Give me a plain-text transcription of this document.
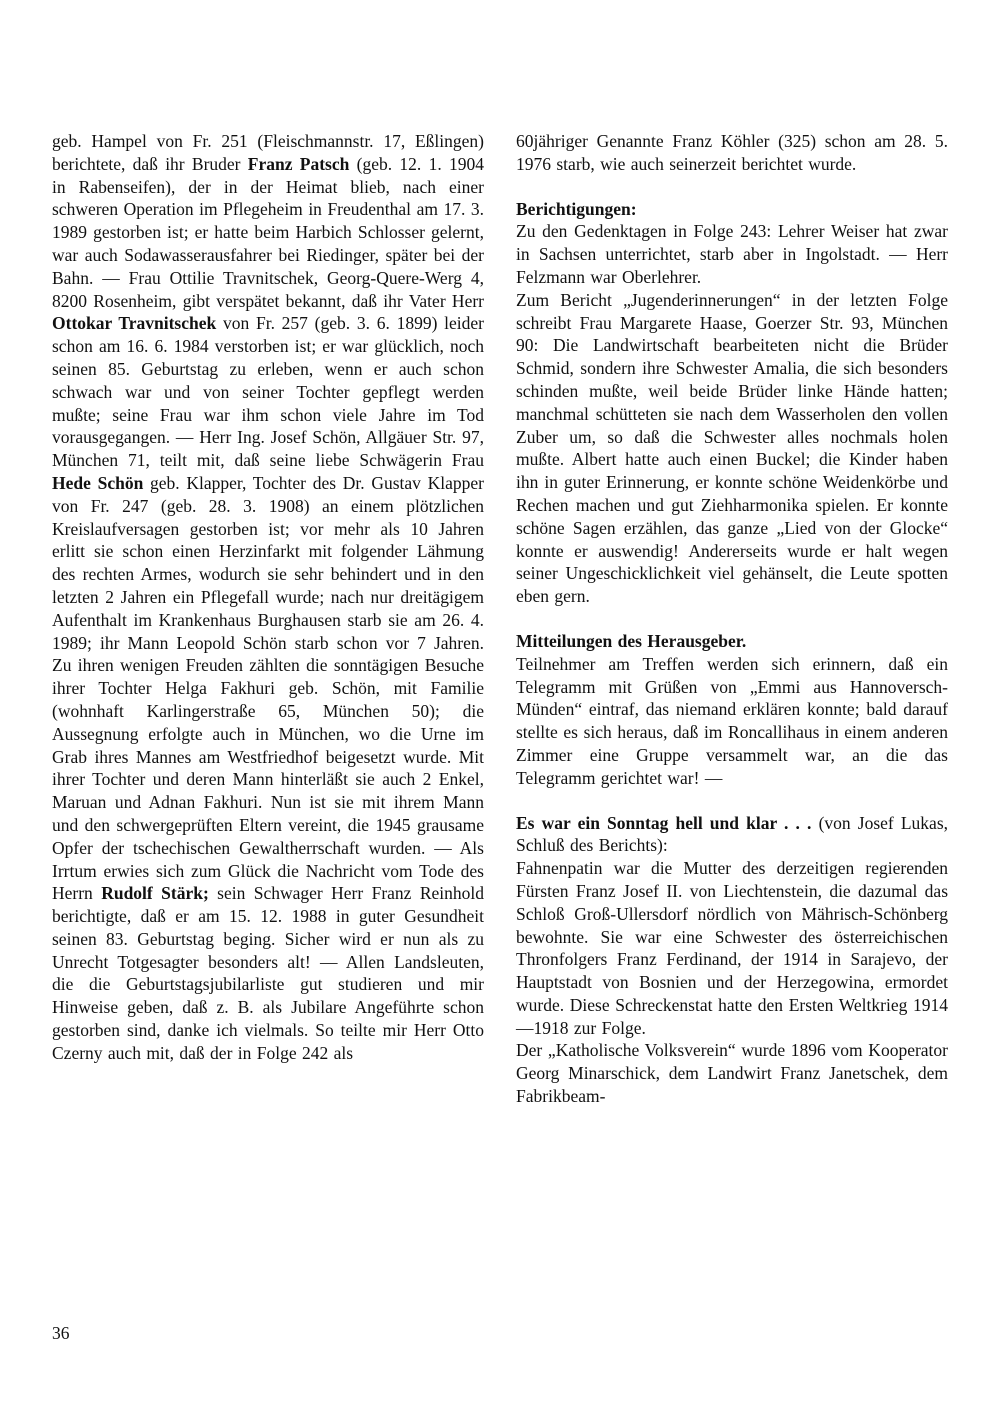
geb. Hampel von Fr. 251 (Fleischmannstr. 17, Eßlingen) berichtete, daß ihr Bruder Franz Patsch (geb. 12. 1. 1904 in Rabenseifen), der in der Heimat blieb, nach einer schweren Operation im Pflegeheim in Freudenthal am 17. 3. 1989 gestorben ist; er hatte beim Harbich Schlosser gelernt, war auch Sodawasserausfahrer bei Riedinger, später bei der Bahn. — Frau Ottilie Travnitschek, Georg-Quere-Werg 4, 8200 Rosenheim, gibt verspätet bekannt, daß ihr Vater Herr Ottokar Travnitschek von Fr. 257 (geb. 3. 6. 1899) leider schon am 16. 6. 1984 verstorben ist; er war glücklich, noch seinen 85. Geburtstag zu erleben, wenn er auch schon schwach war und von seiner Tochter gepflegt werden mußte; seine Frau war ihm schon viele Jahre im Tod vorausgegangen. — Herr Ing. Josef Schön, Allgäuer Str. 97, München 71, teilt mit, daß seine liebe Schwägerin Frau Hede Schön geb. Klapper, Tochter des Dr. Gustav Klapper von Fr. 247 (geb. 28. 3. 1908) an einem plötzlichen Kreislaufversagen gestorben ist; vor mehr als 10 Jahren erlitt sie schon einen Herzinfarkt mit folgender Lähmung des rechten Armes, wodurch sie sehr behindert und in den letzten 2 Jahren ein Pflegefall wurde; nach nur dreitägigem Aufenthalt im Krankenhaus Burghausen starb sie am 26. 4. 1989; ihr Mann Leopold Schön starb schon vor 7 Jahren. Zu ihren wenigen Freuden zählten die sonntägigen Besuche ihrer Tochter Helga Fakhuri geb. Schön, mit Familie (wohnhaft Karlingerstraße 65, München 50); die Aussegnung erfolgte auch in München, wo die Urne im Grab ihres Mannes am Westfriedhof beigesetzt wurde. Mit ihrer Tochter und deren Mann hinterläßt sie auch 2 Enkel, Maruan und Adnan Fakhuri. Nun ist sie mit ihrem Mann und den schwergeprüften Eltern vereint, die 1945 grausame Opfer der tschechischen Gewaltherrschaft wurden. — Als Irrtum erwies sich zum Glück die Nachricht vom Tode des Herrn Rudolf Stärk; sein Schwager Herr Franz Reinhold berichtigte, daß er am 15. 12. 1988 in guter Gesundheit seinen 83. Geburtstag beging. Sicher wird er nun als zu Unrecht Totgesagter besonders alt! — Allen Landsleuten, die die Geburtstagsjubilarliste gut studieren und mir Hinweise geben, daß z. B. als Jubilare Angeführte schon gestorben sind, danke ich vielmals. So teilte mir Herr Otto Czerny auch mit, daß der in Folge 242 als

60jähriger Genannte Franz Köhler (325) schon am 28. 5. 1976 starb, wie auch seinerzeit berichtet wurde.

Berichtigungen:

Zu den Gedenktagen in Folge 243: Lehrer Weiser hat zwar in Sachsen unterrichtet, starb aber in Ingolstadt. — Herr Felzmann war Oberlehrer.

Zum Bericht „Jugenderinnerungen“ in der letzten Folge schreibt Frau Margarete Haase, Goerzer Str. 93, München 90: Die Landwirtschaft bearbeiteten nicht die Brüder Schmid, sondern ihre Schwester Amalia, die sich besonders schinden mußte, weil beide Brüder linke Hände hatten; manchmal schütteten sie nach dem Wasserholen den vollen Zuber um, so daß die Schwester alles nochmals holen mußte. Albert hatte auch einen Buckel; die Kinder haben ihn in guter Erinnerung, er konnte schöne Weidenkörbe und Rechen machen und gut Ziehharmonika spielen. Er konnte schöne Sagen erzählen, das ganze „Lied von der Glocke“ konnte er auswendig! Andererseits wurde er halt wegen seiner Ungeschicklichkeit viel gehänselt, die Leute spotten eben gern.

Mitteilungen des Herausgeber.

Teilnehmer am Treffen werden sich erinnern, daß ein Telegramm mit Grüßen von „Emmi aus Hannoversch-Münden“ eintraf, das niemand erklären konnte; bald darauf stellte es sich heraus, daß im Roncallihaus in einem anderen Zimmer eine Gruppe versammelt war, an die das Telegramm gerichtet war! —

Es war ein Sonntag hell und klar . . . (von Josef Lukas, Schluß des Berichts):

Fahnenpatin war die Mutter des derzeitigen regierenden Fürsten Franz Josef II. von Liechtenstein, die dazumal das Schloß Groß-Ullersdorf nördlich von Mährisch-Schönberg bewohnte. Sie war eine Schwester des österreichischen Thronfolgers Franz Ferdinand, der 1914 in Sarajevo, der Hauptstadt von Bosnien und der Herzegowina, ermordet wurde. Diese Schreckenstat hatte den Ersten Weltkrieg 1914—1918 zur Folge.

Der „Katholische Volksverein“ wurde 1896 vom Kooperator Georg Minarschick, dem Landwirt Franz Janetschek, dem Fabrikbeam-

36
